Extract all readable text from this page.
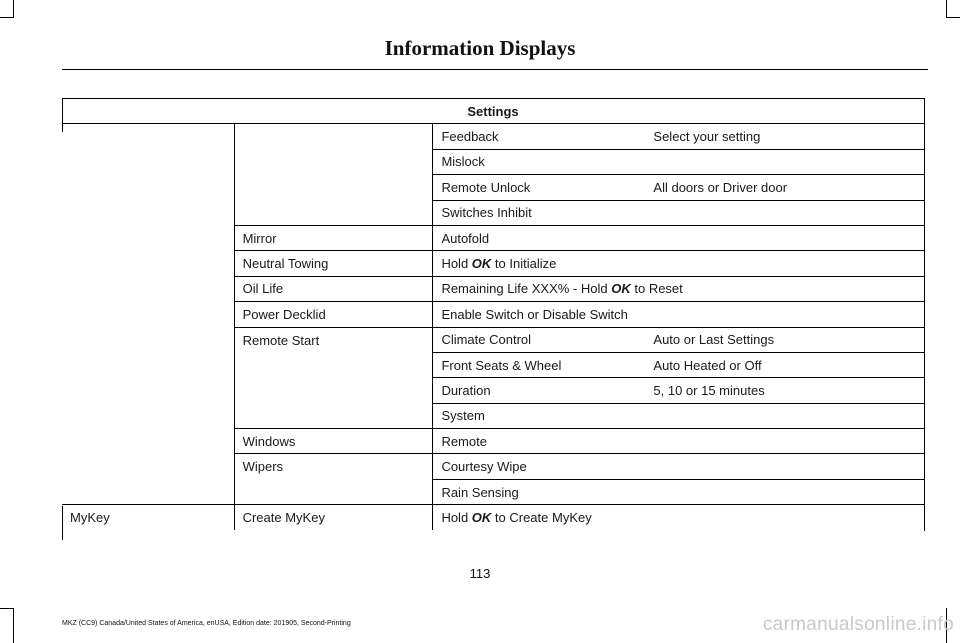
Information Displays
Settings			
		Feedback	Select your setting
		Mislock	
		Remote Unlock	All doors or Driver door
		Switches Inhibit	
	Mirror	Autofold	
	Neutral Towing	Hold OK to Initialize	
	Oil Life	Remaining Life XXX% - Hold OK to Reset	
	Power Decklid	Enable Switch or Disable Switch	
	Remote Start	Climate Control	Auto or Last Settings
		Front Seats & Wheel	Auto Heated or Off
		Duration	5, 10 or 15 minutes
		System	
	Windows	Remote	
	Wipers	Courtesy Wipe	
		Rain Sensing	
MyKey	Create MyKey	Hold OK to Create MyKey	
113
MKZ (CC9) Canada/United States of America, enUSA, Edition date: 201905, Second-Printing	carmanualsonline.info
